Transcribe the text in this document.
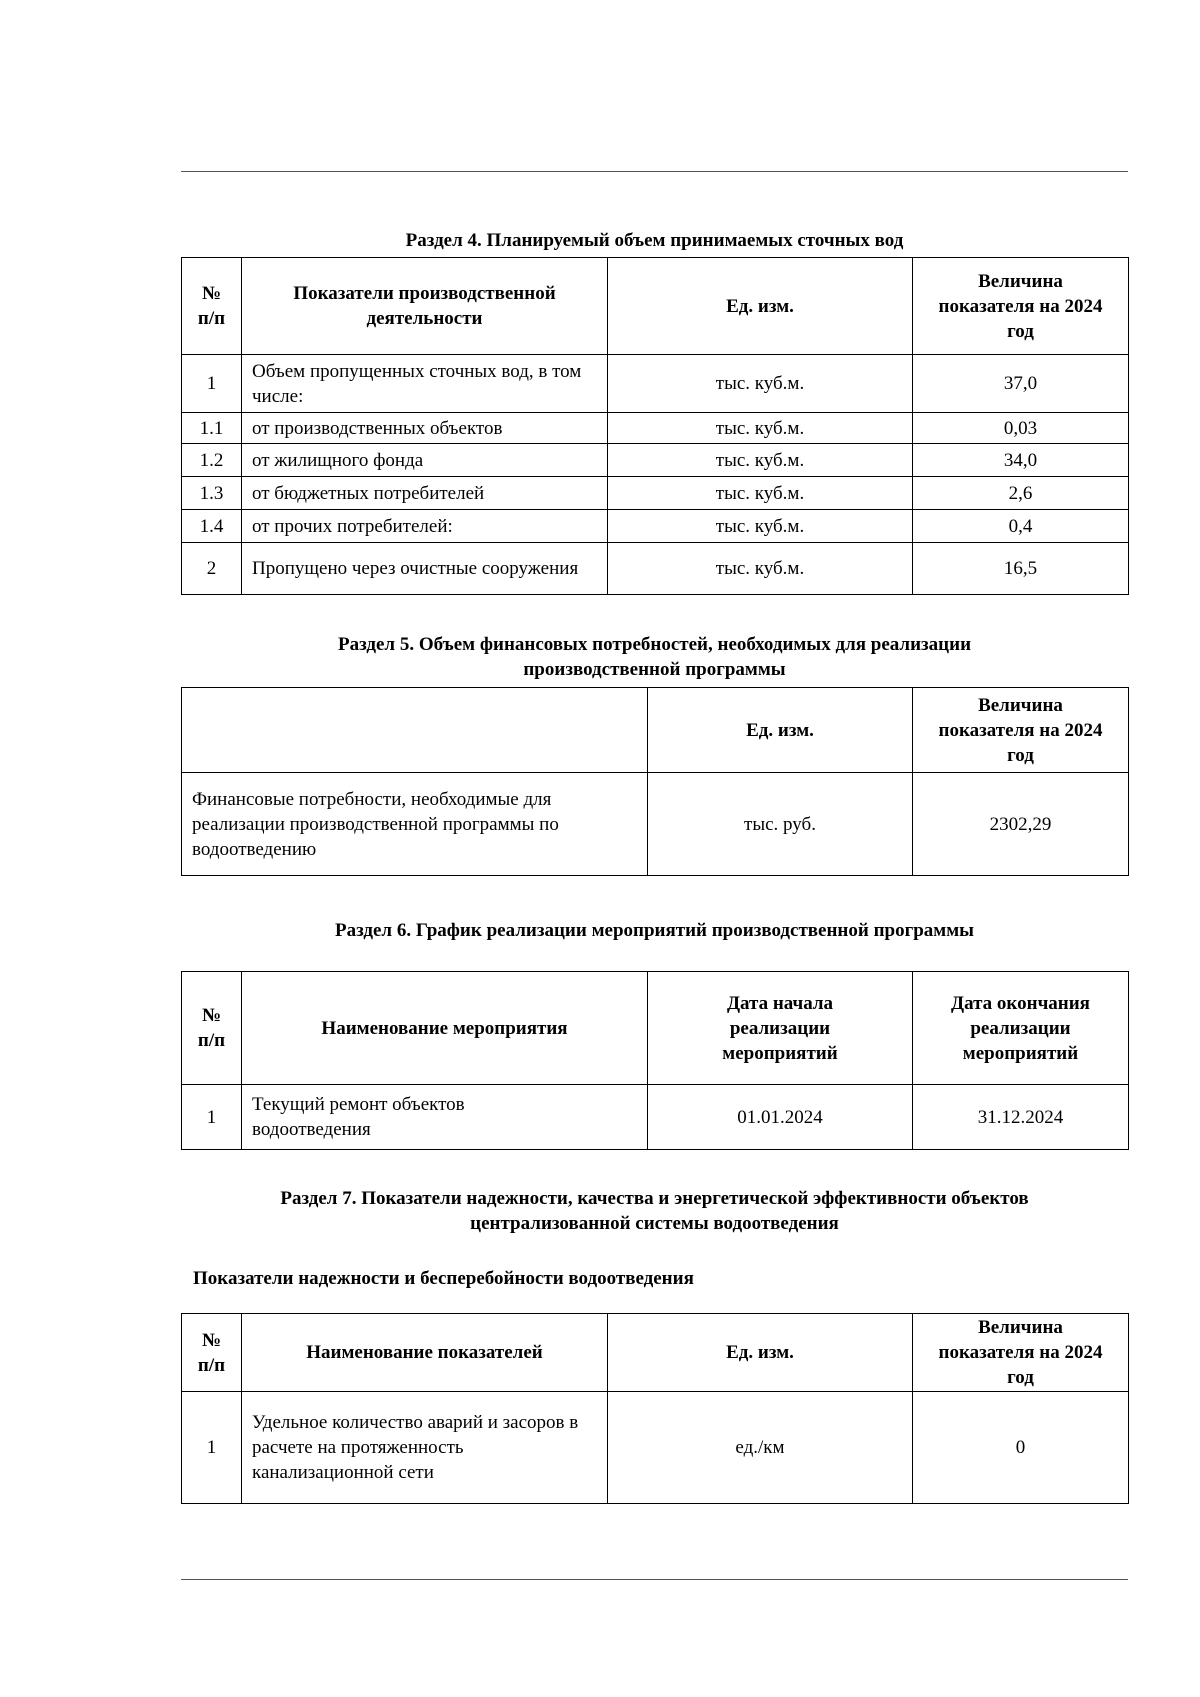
Раздел 4. Планируемый объем принимаемых сточных вод
№ п/п	Показатели производственной деятельности	Ед. изм.	Величина показателя на 2024 год
1	Объем пропущенных сточных вод, в том числе:	тыс. куб.м.	37,0
1.1	от производственных объектов	тыс. куб.м.	0,03
1.2	от жилищного фонда	тыс. куб.м.	34,0
1.3	от бюджетных потребителей	тыс. куб.м.	2,6
1.4	от прочих потребителей:	тыс. куб.м.	0,4
2	Пропущено через очистные сооружения	тыс. куб.м.	16,5
Раздел 5. Объем финансовых потребностей, необходимых для реализации
производственной программы
	Ед. изм.	Величина показателя на 2024 год
Финансовые потребности, необходимые для реализации производственной программы по водоотведению	тыс. руб.	2302,29
Раздел 6. График реализации мероприятий производственной программы
№ п/п	Наименование мероприятия	Дата начала реализации мероприятий	Дата окончания реализации мероприятий
1	Текущий ремонт объектов водоотведения	01.01.2024	31.12.2024
Раздел 7. Показатели надежности, качества и энергетической эффективности объектов
централизованной системы водоотведения
Показатели надежности и бесперебойности водоотведения
№ п/п	Наименование показателей	Ед. изм.	Величина показателя на 2024 год
1	Удельное количество аварий и засоров в расчете на протяженность канализационной сети	ед./км	0
